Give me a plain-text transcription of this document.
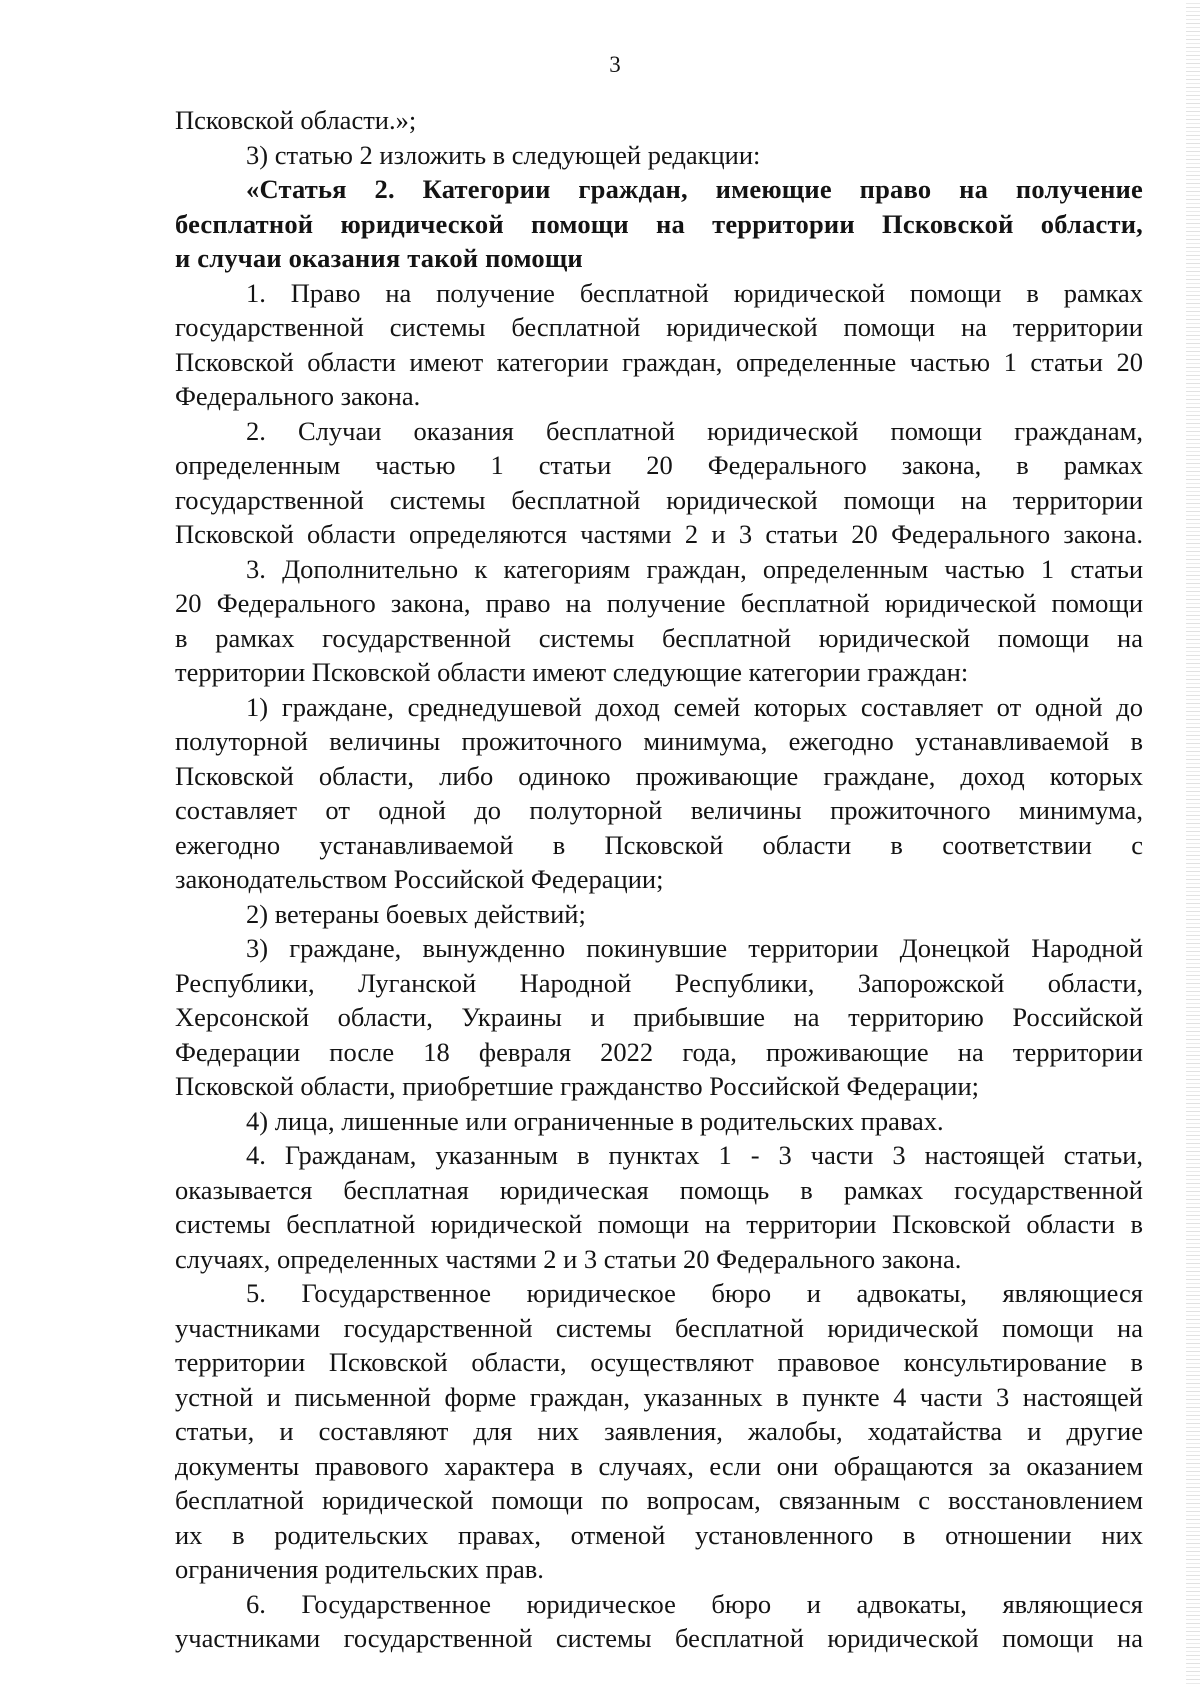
3
Псковской области.»;
3) статью 2 изложить в следующей редакции:
«Статья 2. Категории граждан, имеющие право на получение
бесплатной юридической помощи на территории Псковской области,
и случаи оказания такой помощи
1. Право на получение бесплатной юридической помощи в рамках
государственной системы бесплатной юридической помощи на территории
Псковской области имеют категории граждан, определенные частью 1 статьи 20
Федерального закона.
2. Случаи оказания бесплатной юридической помощи гражданам,
определенным частью 1 статьи 20 Федерального закона, в рамках
государственной системы бесплатной юридической помощи на территории
Псковской области определяются частями 2 и 3 статьи 20 Федерального закона.
3. Дополнительно к категориям граждан, определенным частью 1 статьи
20 Федерального закона, право на получение бесплатной юридической помощи
в рамках государственной системы бесплатной юридической помощи на
территории Псковской области имеют следующие категории граждан:
1) граждане, среднедушевой доход семей которых составляет от одной до
полуторной величины прожиточного минимума, ежегодно устанавливаемой в
Псковской области, либо одиноко проживающие граждане, доход которых
составляет от одной до полуторной величины прожиточного минимума,
ежегодно устанавливаемой в Псковской области в соответствии с
законодательством Российской Федерации;
2) ветераны боевых действий;
3) граждане, вынужденно покинувшие территории Донецкой Народной
Республики, Луганской Народной Республики, Запорожской области,
Херсонской области, Украины и прибывшие на территорию Российской
Федерации после 18 февраля 2022 года, проживающие на территории
Псковской области, приобретшие гражданство Российской Федерации;
4) лица, лишенные или ограниченные в родительских правах.
4. Гражданам, указанным в пунктах 1 - 3 части 3 настоящей статьи,
оказывается бесплатная юридическая помощь в рамках государственной
системы бесплатной юридической помощи на территории Псковской области в
случаях, определенных частями 2 и 3 статьи 20 Федерального закона.
5. Государственное юридическое бюро и адвокаты, являющиеся
участниками государственной системы бесплатной юридической помощи на
территории Псковской области, осуществляют правовое консультирование в
устной и письменной форме граждан, указанных в пункте 4 части 3 настоящей
статьи, и составляют для них заявления, жалобы, ходатайства и другие
документы правового характера в случаях, если они обращаются за оказанием
бесплатной юридической помощи по вопросам, связанным с восстановлением
их в родительских правах, отменой установленного в отношении них
ограничения родительских прав.
6. Государственное юридическое бюро и адвокаты, являющиеся
участниками государственной системы бесплатной юридической помощи на
